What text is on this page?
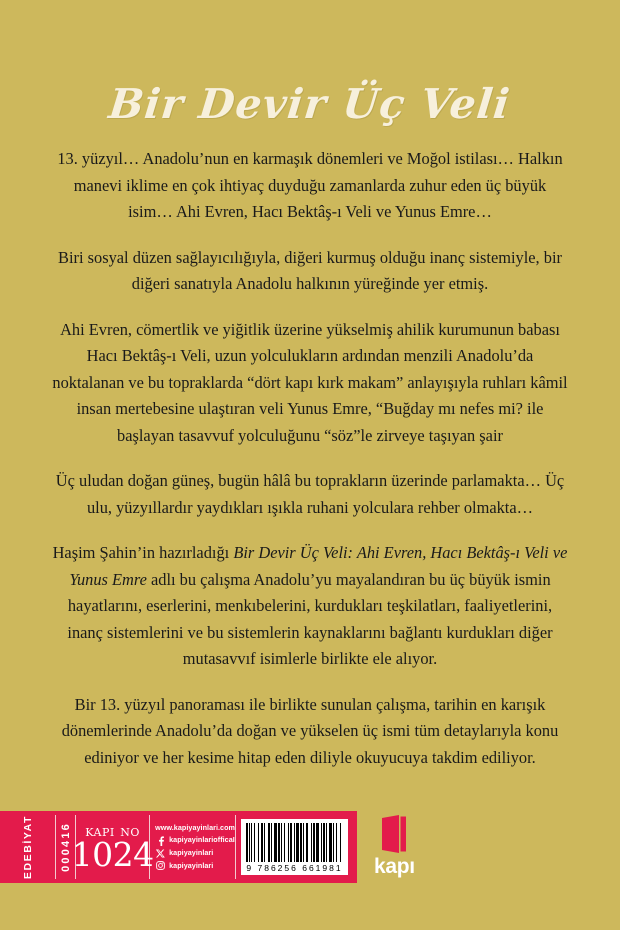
Bir Devir Üç Veli

13. yüzyıl… Anadolu’nun en karmaşık dönemleri ve Moğol istilası… Halkın manevi iklime en çok ihtiyaç duyduğu zamanlarda zuhur eden üç büyük isim… Ahi Evren, Hacı Bektâş-ı Veli ve Yunus Emre…

Biri sosyal düzen sağlayıcılığıyla, diğeri kurmuş olduğu inanç sistemiyle, bir diğeri sanatıyla Anadolu halkının yüreğinde yer etmiş.

Ahi Evren, cömertlik ve yiğitlik üzerine yükselmiş ahilik kurumunun babası Hacı Bektâş-ı Veli, uzun yolculukların ardından menzili Anadolu’da noktalanan ve bu topraklarda “dört kapı kırk makam” anlayışıyla ruhları kâmil insan mertebesine ulaştıran veli Yunus Emre, “Buğday mı nefes mi? ile başlayan tasavvuf yolculuğunu “söz”le zirveye taşıyan şair

Üç uludan doğan güneş, bugün hâlâ bu toprakların üzerinde parlamakta… Üç ulu, yüzyıllardır yaydıkları ışıkla ruhani yolculara rehber olmakta…

Haşim Şahin’in hazırladığı Bir Devir Üç Veli: Ahi Evren, Hacı Bektâş-ı Veli ve Yunus Emre adlı bu çalışma Anadolu’yu mayalandıran bu üç büyük ismin hayatlarını, eserlerini, menkıbelerini, kurdukları teşkilatları, faaliyetlerini, inanç sistemlerini ve bu sistemlerin kaynaklarını bağlantı kurdukları diğer mutasavvıf isimlerle birlikte ele alıyor.

Bir 13. yüzyıl panoraması ile birlikte sunulan çalışma, tarihin en karışık dönemlerinde Anadolu’da doğan ve yükselen üç ismi tüm detaylarıyla konu ediniyor ve her kesime hitap eden diliyle okuyucuya takdim ediliyor.

EDEBİYAT 000416 kapi no
1024
www.kapiyayinlari.com
kapiyayinlariofficaI
kapiyayinlari
kapiyayinlari	9 786256 661981 kapı
